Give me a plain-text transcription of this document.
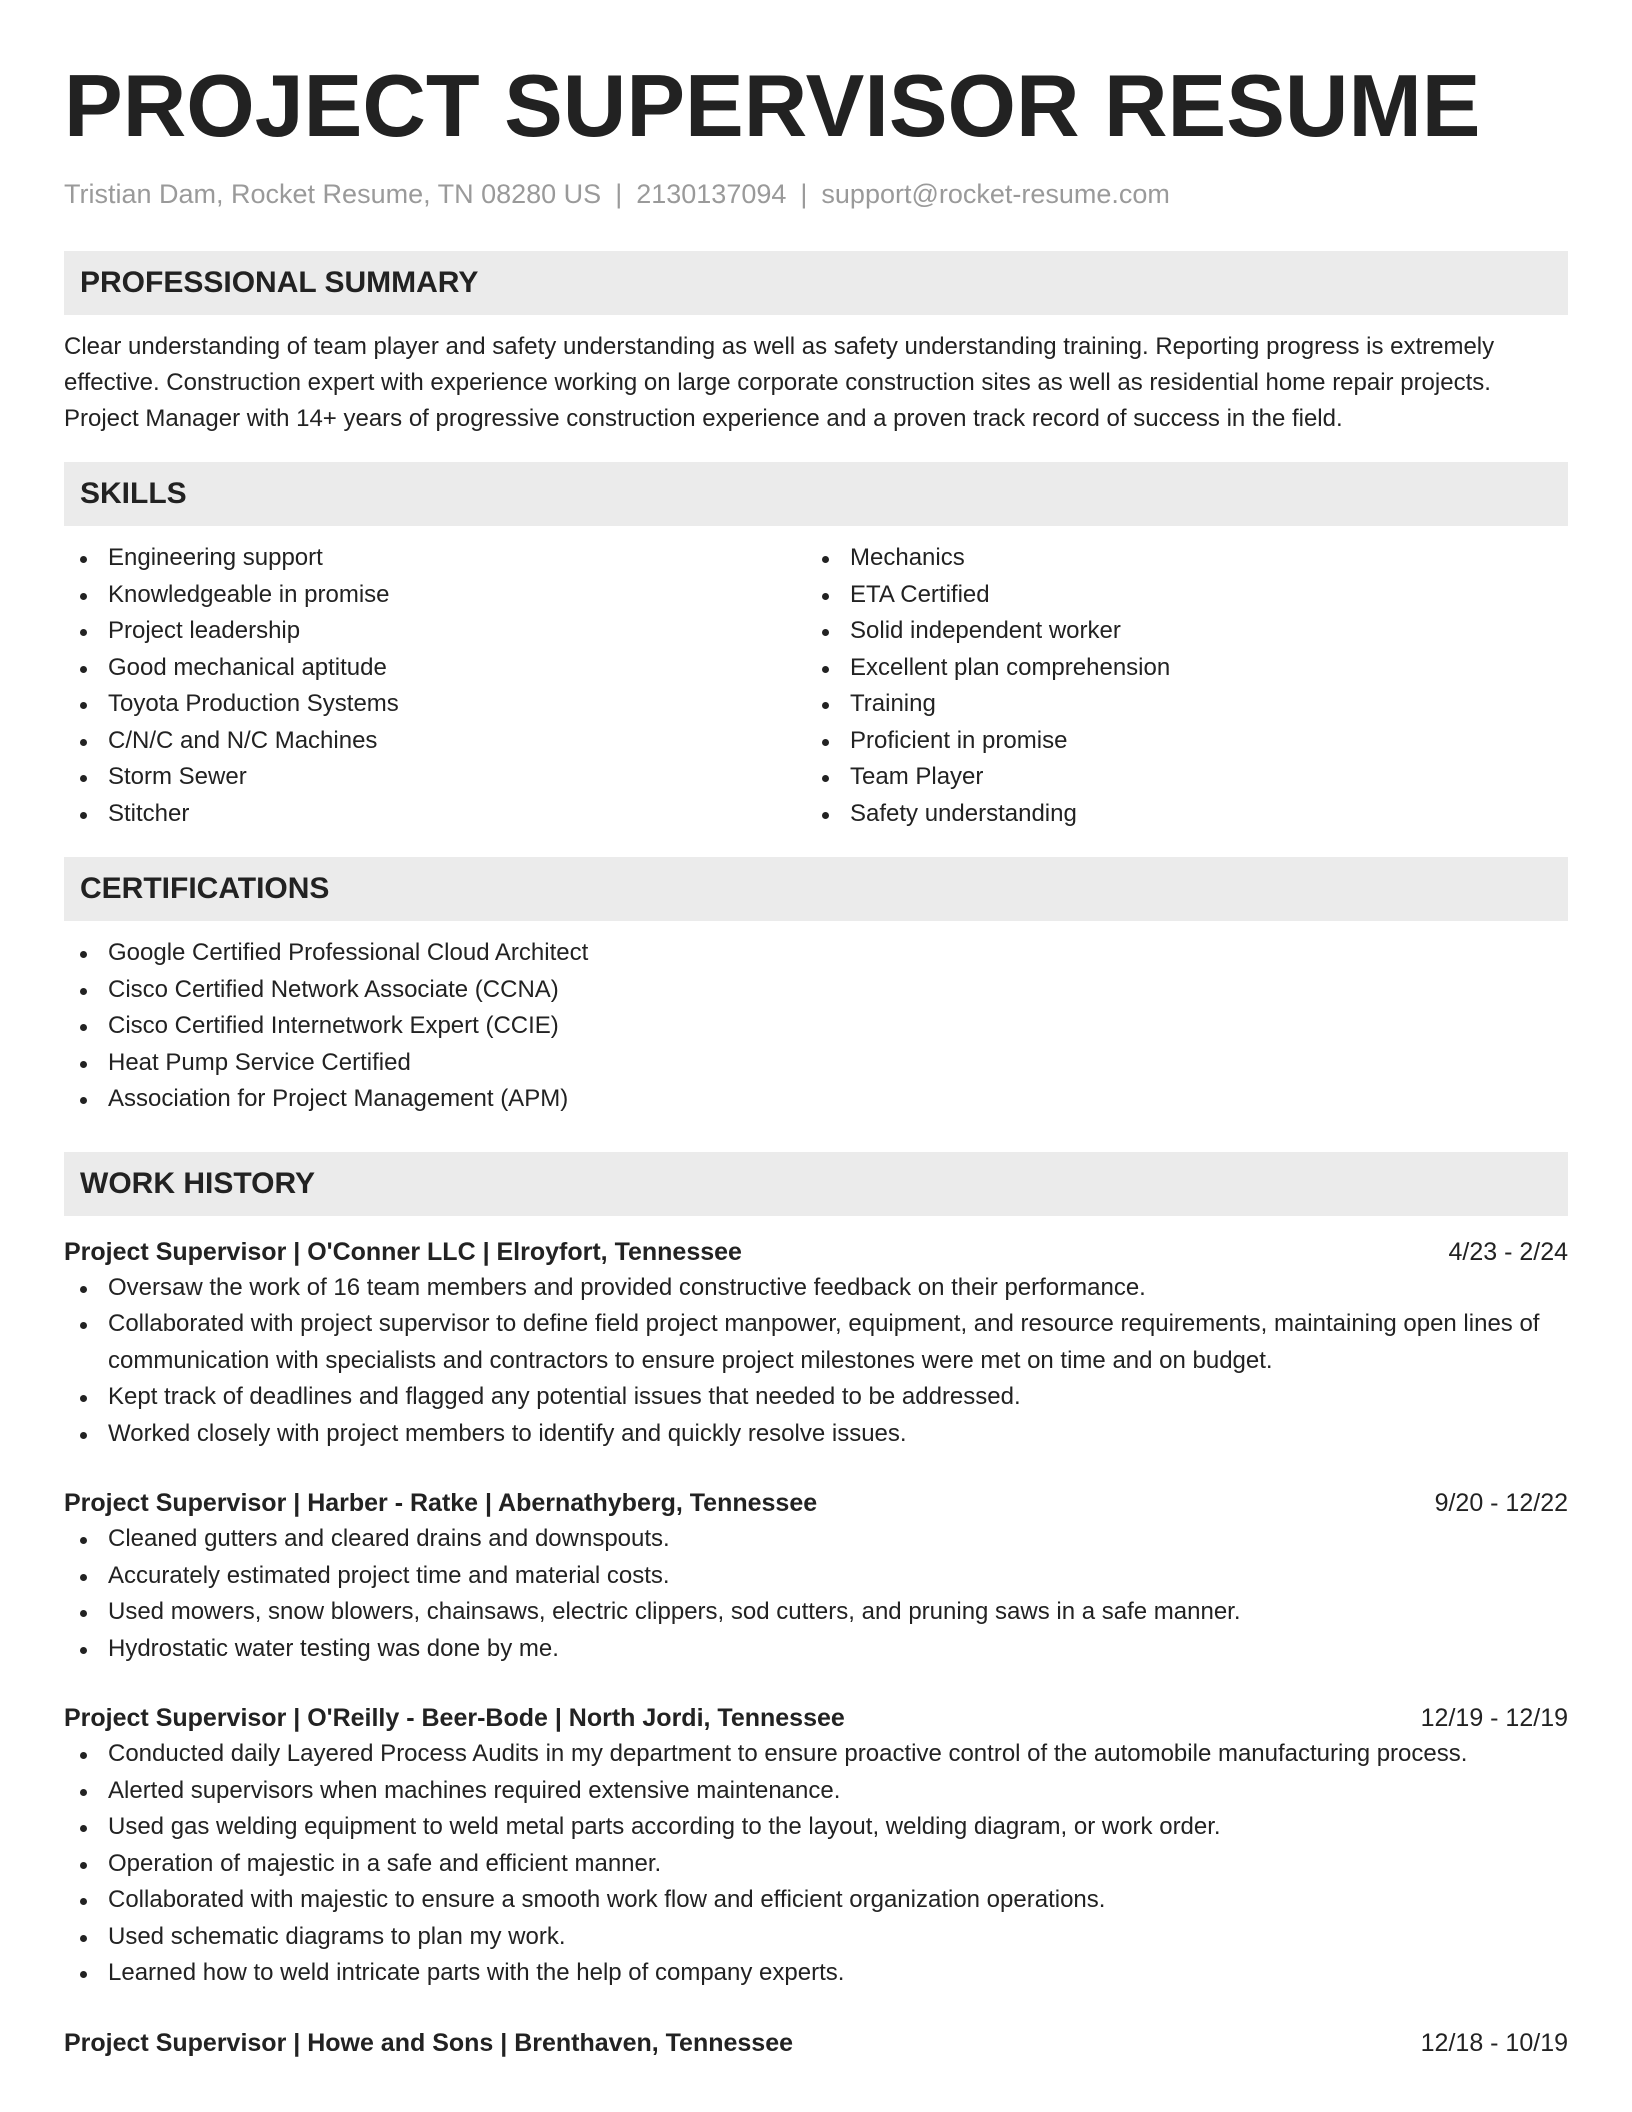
PROJECT SUPERVISOR RESUME
Tristian Dam, Rocket Resume, TN 08280 US | 2130137094 | support@rocket-resume.com
PROFESSIONAL SUMMARY

Clear understanding of team player and safety understanding as well as safety understanding training. Reporting progress is extremely effective. Construction expert with experience working on large corporate construction sites as well as residential home repair projects. Project Manager with 14+ years of progressive construction experience and a proven track record of success in the field.

SKILLS
Engineering support
Knowledgeable in promise
Project leadership
Good mechanical aptitude
Toyota Production Systems
C/N/C and N/C Machines
Storm Sewer
Stitcher
Mechanics
ETA Certified
Solid independent worker
Excellent plan comprehension
Training
Proficient in promise
Team Player
Safety understanding
CERTIFICATIONS
Google Certified Professional Cloud Architect
Cisco Certified Network Associate (CCNA)
Cisco Certified Internetwork Expert (CCIE)
Heat Pump Service Certified
Association for Project Management (APM)
WORK HISTORY
Project Supervisor | O'Conner LLC | Elroyfort, Tennessee	4/23 - 2/24
Oversaw the work of 16 team members and provided constructive feedback on their performance.
Collaborated with project supervisor to define field project manpower, equipment, and resource requirements, maintaining open lines of communication with specialists and contractors to ensure project milestones were met on time and on budget.
Kept track of deadlines and flagged any potential issues that needed to be addressed.
Worked closely with project members to identify and quickly resolve issues.
Project Supervisor | Harber - Ratke | Abernathyberg, Tennessee	9/20 - 12/22
Cleaned gutters and cleared drains and downspouts.
Accurately estimated project time and material costs.
Used mowers, snow blowers, chainsaws, electric clippers, sod cutters, and pruning saws in a safe manner.
Hydrostatic water testing was done by me.
Project Supervisor | O'Reilly - Beer-Bode | North Jordi, Tennessee	12/19 - 12/19
Conducted daily Layered Process Audits in my department to ensure proactive control of the automobile manufacturing process.
Alerted supervisors when machines required extensive maintenance.
Used gas welding equipment to weld metal parts according to the layout, welding diagram, or work order.
Operation of majestic in a safe and efficient manner.
Collaborated with majestic to ensure a smooth work flow and efficient organization operations.
Used schematic diagrams to plan my work.
Learned how to weld intricate parts with the help of company experts.
Project Supervisor | Howe and Sons | Brenthaven, Tennessee	12/18 - 10/19
